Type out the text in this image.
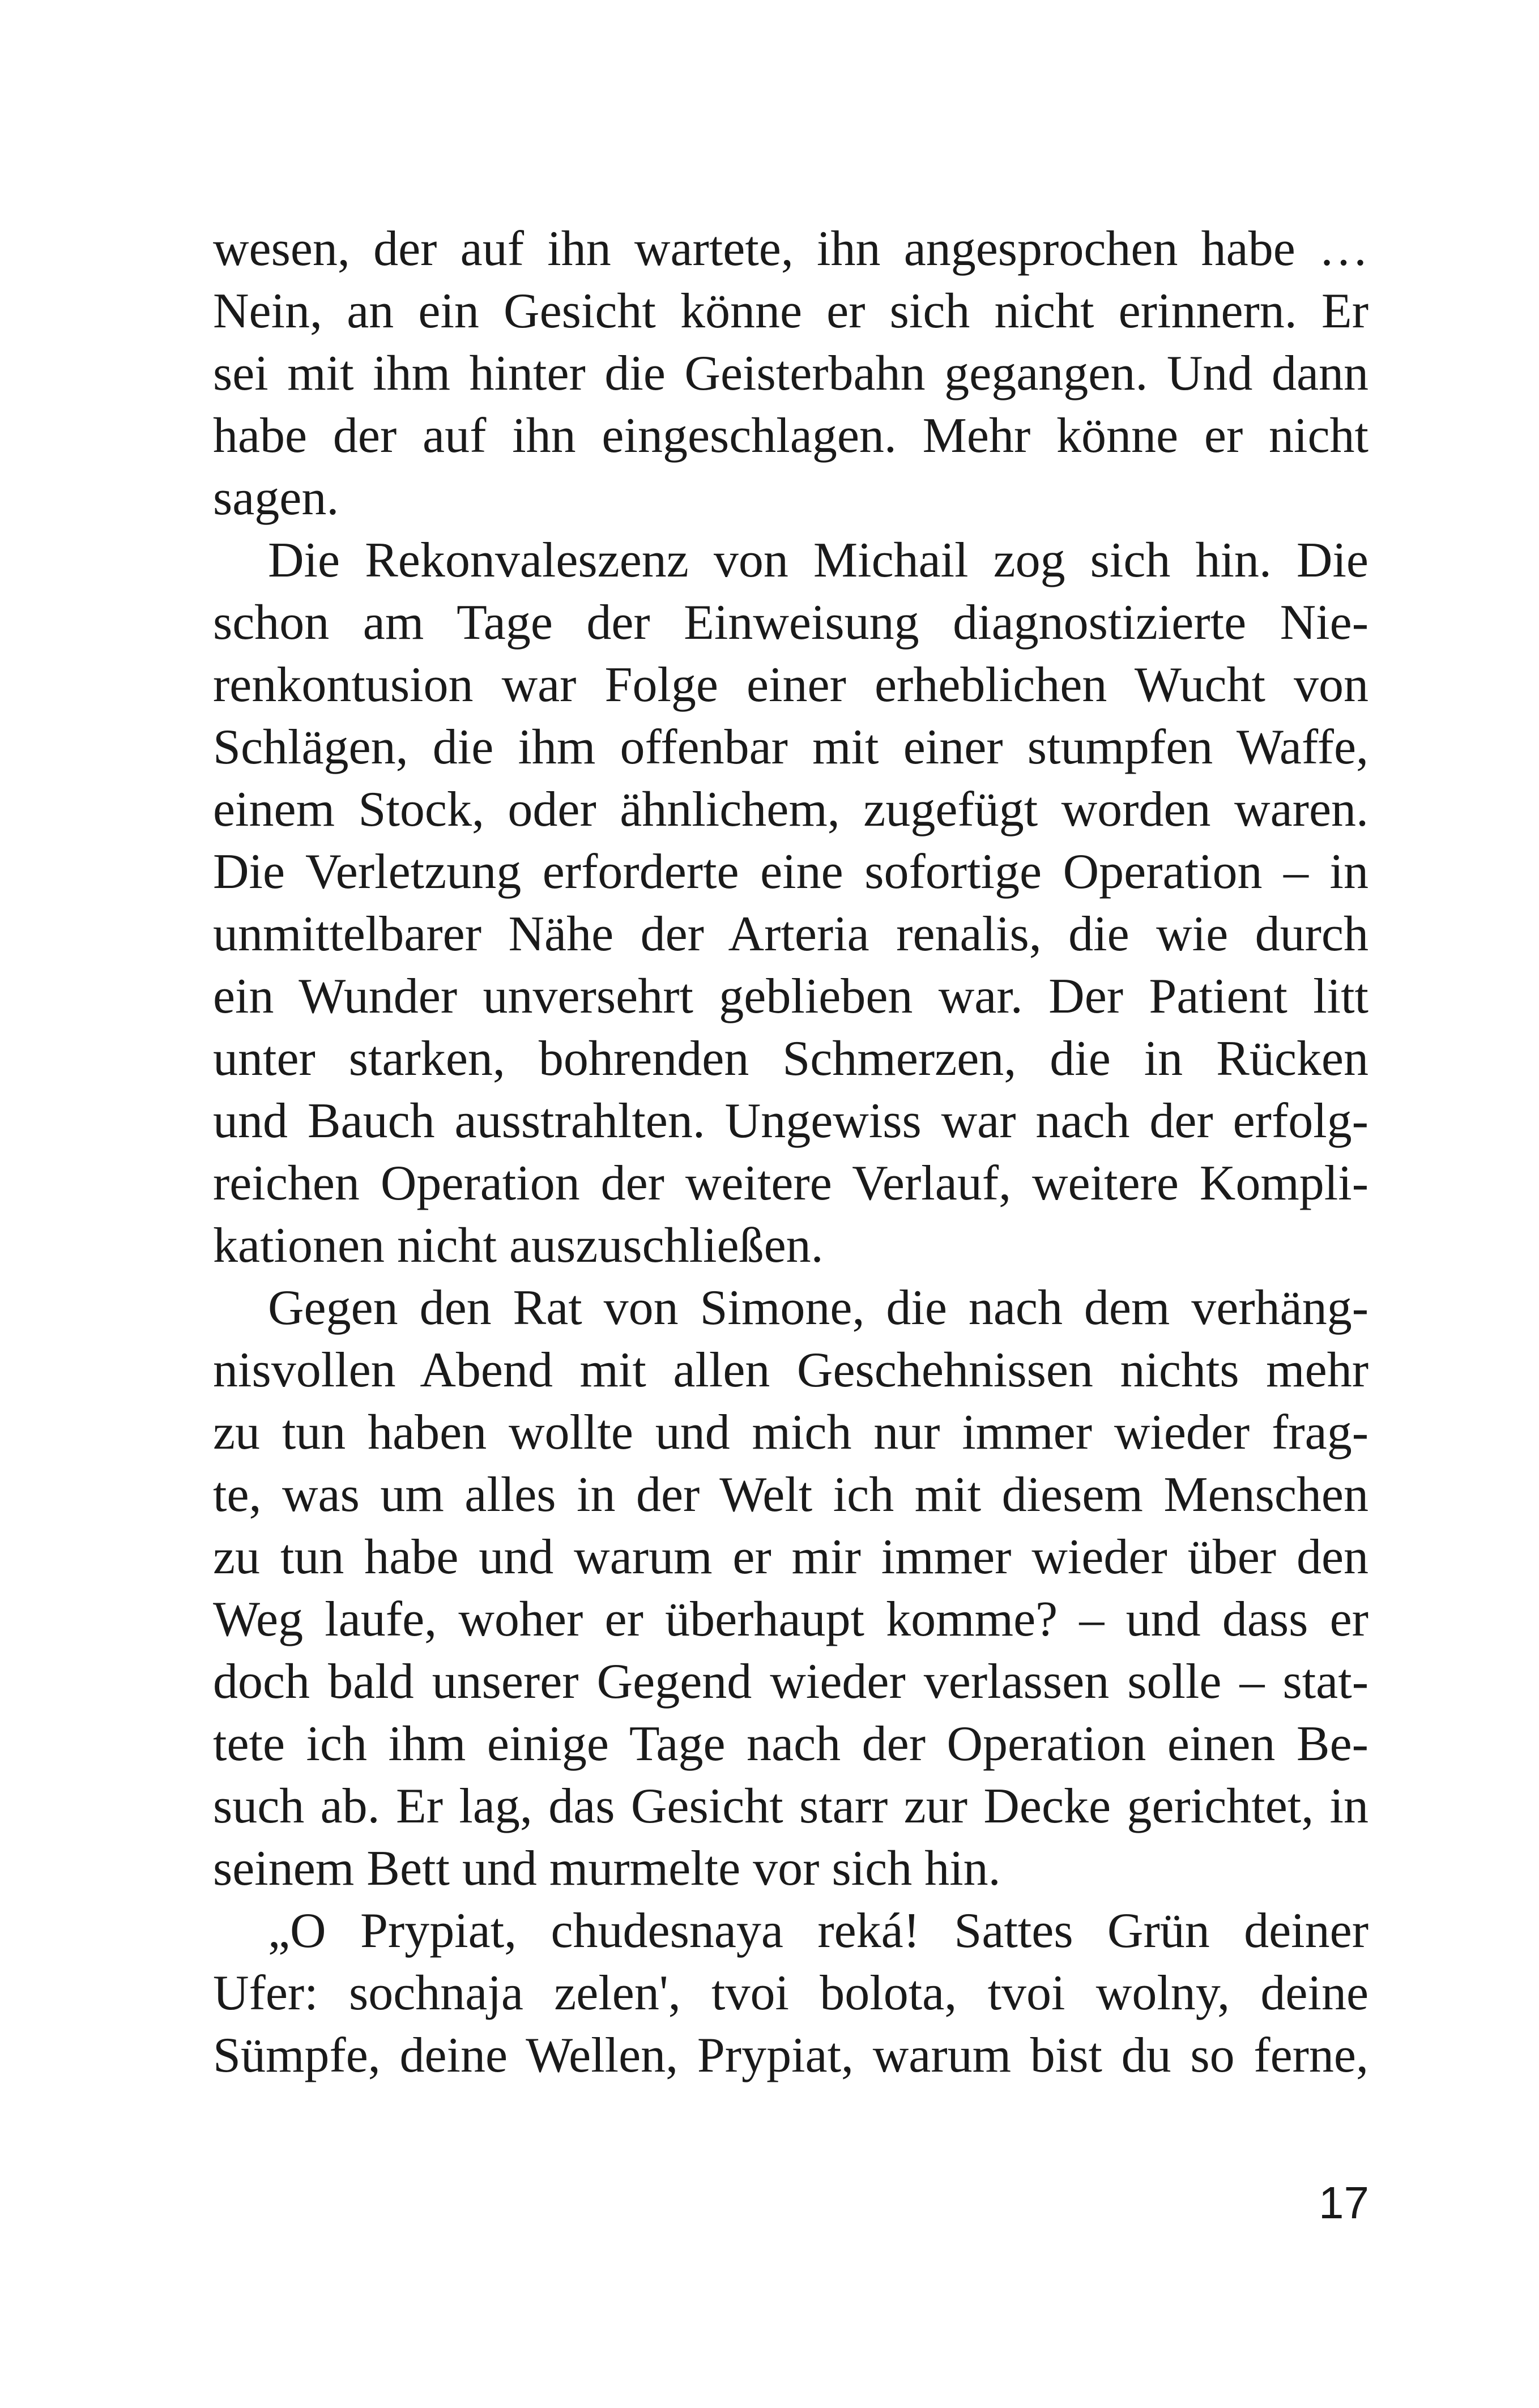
wesen, der auf ihn wartete, ihn angesprochen habe …
Nein, an ein Gesicht könne er sich nicht erinnern. Er
sei mit ihm hinter die Geisterbahn gegangen. Und dann
habe der auf ihn eingeschlagen. Mehr könne er nicht
sagen.
Die Rekonvaleszenz von Michail zog sich hin. Die
schon am Tage der Einweisung diagnostizierte Nie-
renkontusion war Folge einer erheblichen Wucht von
Schlägen, die ihm offenbar mit einer stumpfen Waffe,
einem Stock, oder ähnlichem, zugefügt worden waren.
Die Verletzung erforderte eine sofortige Operation – in
unmittelbarer Nähe der Arteria renalis, die wie durch
ein Wunder unversehrt geblieben war. Der Patient litt
unter starken, bohrenden Schmerzen, die in Rücken
und Bauch ausstrahlten. Ungewiss war nach der erfolg-
reichen Operation der weitere Verlauf, weitere Kompli-
kationen nicht auszuschließen.
Gegen den Rat von Simone, die nach dem verhäng-
nisvollen Abend mit allen Geschehnissen nichts mehr
zu tun haben wollte und mich nur immer wieder frag-
te, was um alles in der Welt ich mit diesem Menschen
zu tun habe und warum er mir immer wieder über den
Weg laufe, woher er überhaupt komme? – und dass er
doch bald unserer Gegend wieder verlassen solle – stat-
tete ich ihm einige Tage nach der Operation einen Be-
such ab. Er lag, das Gesicht starr zur Decke gerichtet, in
seinem Bett und murmelte vor sich hin.
„O Prypiat, chudesnaya reká! Sattes Grün deiner
Ufer: sochnaja zelen', tvoi bolota, tvoi wolny, deine
Sümpfe, deine Wellen, Prypiat, warum bist du so ferne,
17
